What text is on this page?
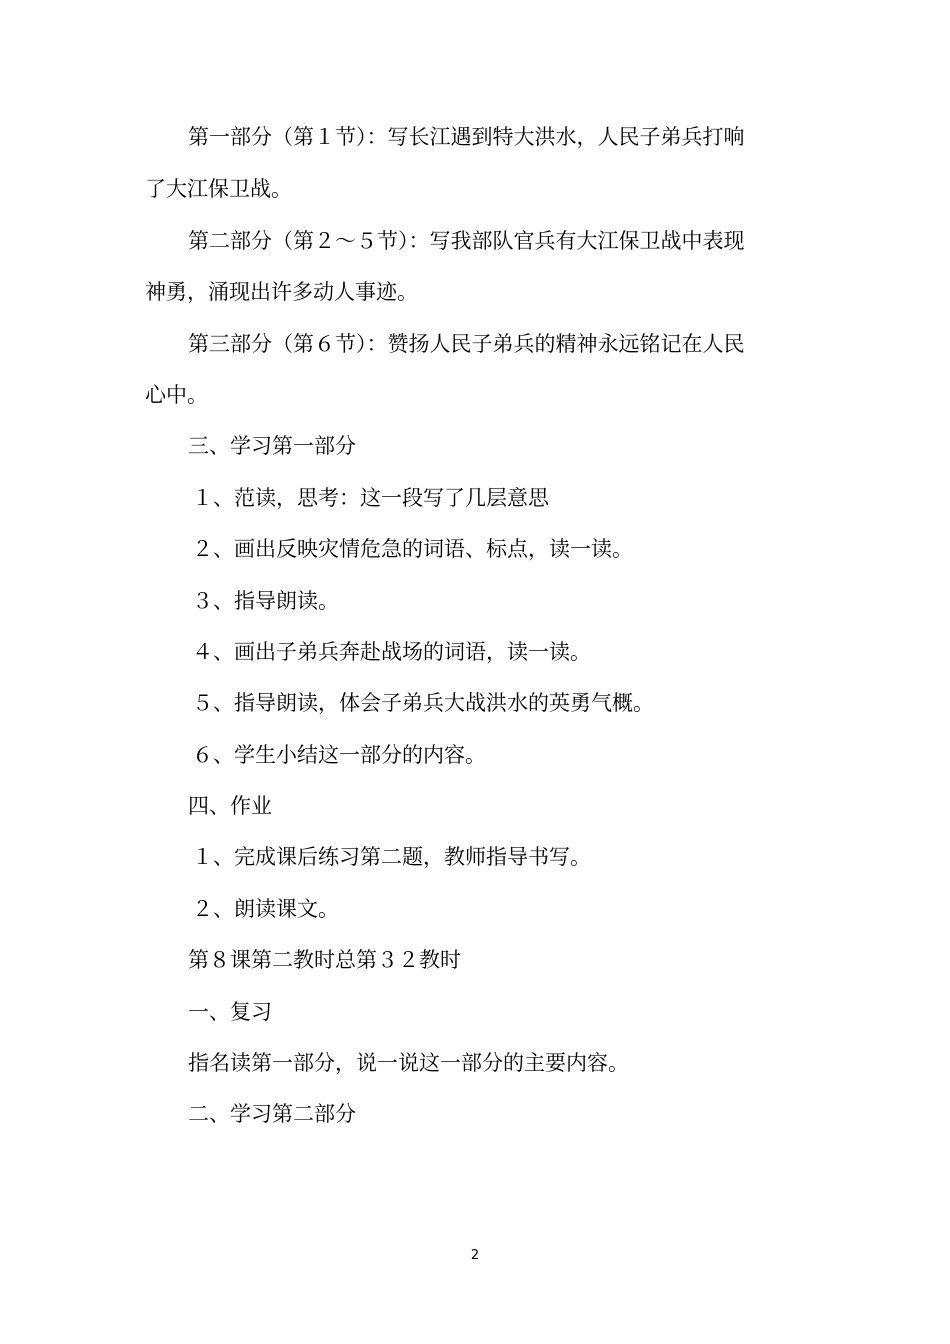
第一部分（第１节）：写长江遇到特大洪水，人民子弟兵打响
了大江保卫战。
第二部分（第２～５节）：写我部队官兵有大江保卫战中表现
神勇，涌现出许多动人事迹。
第三部分（第６节）：赞扬人民子弟兵的精神永远铭记在人民
心中。
三、学习第一部分
１、范读，思考：这一段写了几层意思
２、画出反映灾情危急的词语、标点，读一读。
３、指导朗读。
４、画出子弟兵奔赴战场的词语，读一读。
５、指导朗读，体会子弟兵大战洪水的英勇气概。
６、学生小结这一部分的内容。
四、作业
１、完成课后练习第二题，教师指导书写。
２、朗读课文。
第８课第二教时总第３２教时
一、复习
指名读第一部分，说一说这一部分的主要内容。
二、学习第二部分
2
